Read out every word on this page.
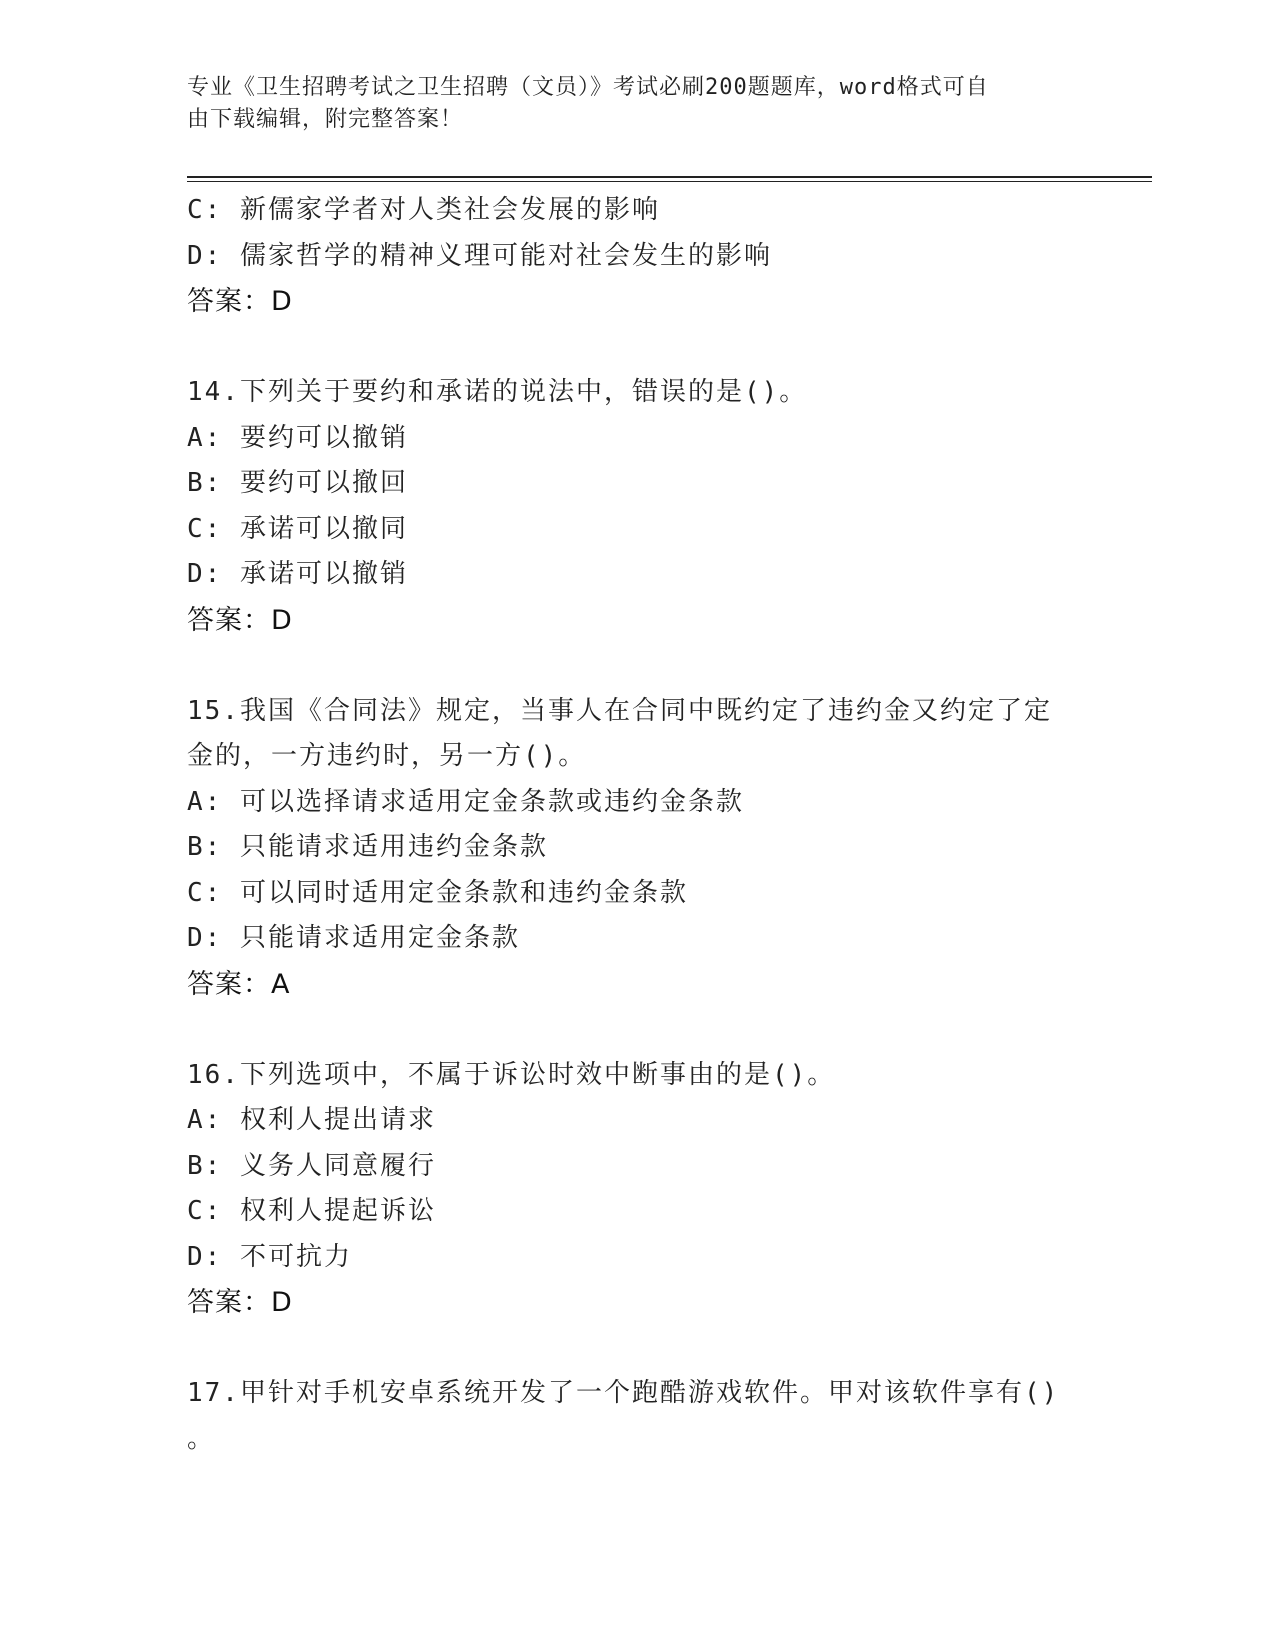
专业《卫生招聘考试之卫生招聘（文员）》考试必刷200题题库，word格式可自
由下载编辑，附完整答案！
C: 新儒家学者对人类社会发展的影响
D: 儒家哲学的精神义理可能对社会发生的影响
答案：D
14.下列关于要约和承诺的说法中，错误的是()。
A: 要约可以撤销
B: 要约可以撤回
C: 承诺可以撤同
D: 承诺可以撤销
答案：D
15.我国《合同法》规定，当事人在合同中既约定了违约金又约定了定
金的，一方违约时，另一方()。
A: 可以选择请求适用定金条款或违约金条款
B: 只能请求适用违约金条款
C: 可以同时适用定金条款和违约金条款
D: 只能请求适用定金条款
答案：A
16.下列选项中，不属于诉讼时效中断事由的是()。
A: 权利人提出请求
B: 义务人同意履行
C: 权利人提起诉讼
D: 不可抗力
答案：D
17.甲针对手机安卓系统开发了一个跑酷游戏软件。甲对该软件享有()
。
